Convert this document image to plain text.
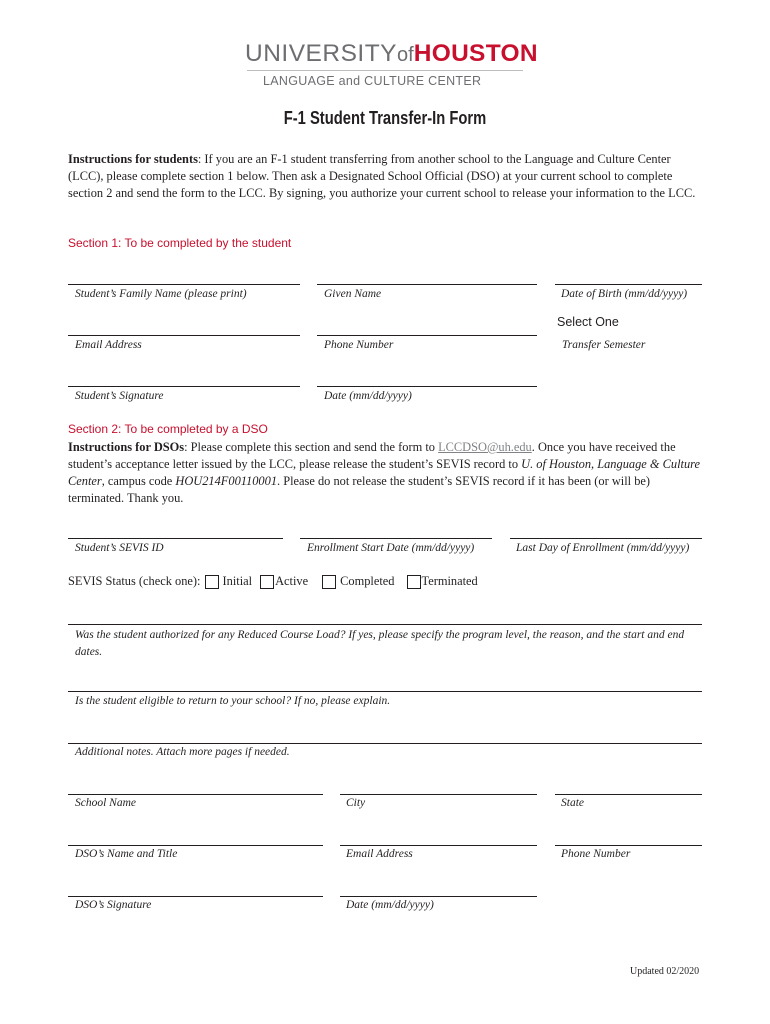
UNIVERSITYofHOUSTON
LANGUAGE and CULTURE CENTER
F-1 Student Transfer-In Form
Instructions for students: If you are an F-1 student transferring from another school to the Language and Culture Center (LCC), please complete section 1 below. Then ask a Designated School Official (DSO) at your current school to complete section 2 and send the form to the LCC. By signing, you authorize your current school to release your information to the LCC.
Section 1: To be completed by the student
Student’s Family Name (please print)	Given Name	Date of Birth (mm/dd/yyyy)
Select One
Email Address	Phone Number	Transfer Semester
Student’s Signature	Date (mm/dd/yyyy)
Section 2: To be completed by a DSO
Instructions for DSOs: Please complete this section and send the form to LCCDSO@uh.edu. Once you have received the student’s acceptance letter issued by the LCC, please release the student’s SEVIS record to U. of Houston, Language & Culture Center, campus code HOU214F00110001. Please do not release the student’s SEVIS record if it has been (or will be) terminated. Thank you.
Student’s SEVIS ID	Enrollment Start Date (mm/dd/yyyy)	Last Day of Enrollment (mm/dd/yyyy)
SEVIS Status (check one): Initial Active	Completed Terminated
Was the student authorized for any Reduced Course Load? If yes, please specify the program level, the reason, and the start and end dates.
Is the student eligible to return to your school? If no, please explain.
Additional notes. Attach more pages if needed.
School Name	City	State
DSO’s Name and Title	Email Address	Phone Number
DSO’s Signature	Date (mm/dd/yyyy)
Updated 02/2020
